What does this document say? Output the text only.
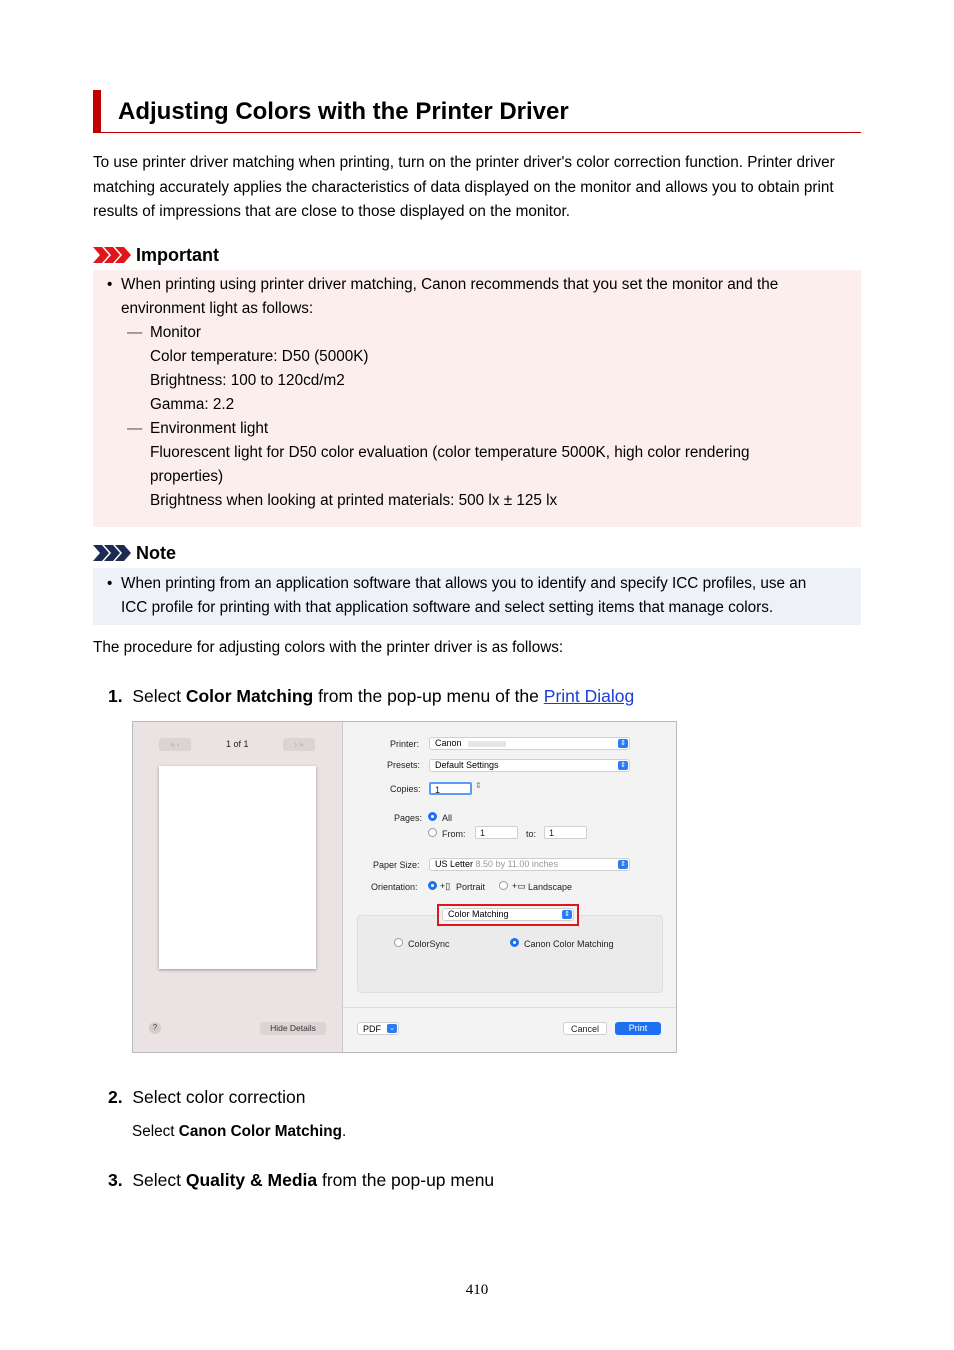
Adjusting Colors with the Printer Driver
To use printer driver matching when printing, turn on the printer driver's color correction function. Printer driver matching accurately applies the characteristics of data displayed on the monitor and allows you to obtain print results of impressions that are close to those displayed on the monitor.
Important
• When printing using printer driver matching, Canon recommends that you set the monitor and the
environment light as follows:
— Monitor
Color temperature: D50 (5000K)
Brightness: 100 to 120cd/m2
Gamma: 2.2
— Environment light
Fluorescent light for D50 color evaluation (color temperature 5000K, high color rendering
properties)
Brightness when looking at printed materials: 500 lx ± 125 lx
Note
• When printing from an application software that allows you to identify and specify ICC profiles, use an
ICC profile for printing with that application software and select setting items that manage colors.
The procedure for adjusting colors with the printer driver is as follows:
1. Select Color Matching from the pop-up menu of the Print Dialog
« ‹	1 of 1	› »
?	Hide Details
Printer:	Canon	⇕
Presets:	Default Settings	⇕
Copies:	1	⇕
Pages: All
From:	1	to:	1
Paper Size:	US Letter 8.50 by 11.00 inches	⇕
Orientation: +▯ Portrait	+▭ Landscape
Color Matching	⇕
ColorSync	Canon Color Matching
PDF ⌄	Cancel	Print
2. Select color correction
Select Canon Color Matching.
3. Select Quality & Media from the pop-up menu
410
